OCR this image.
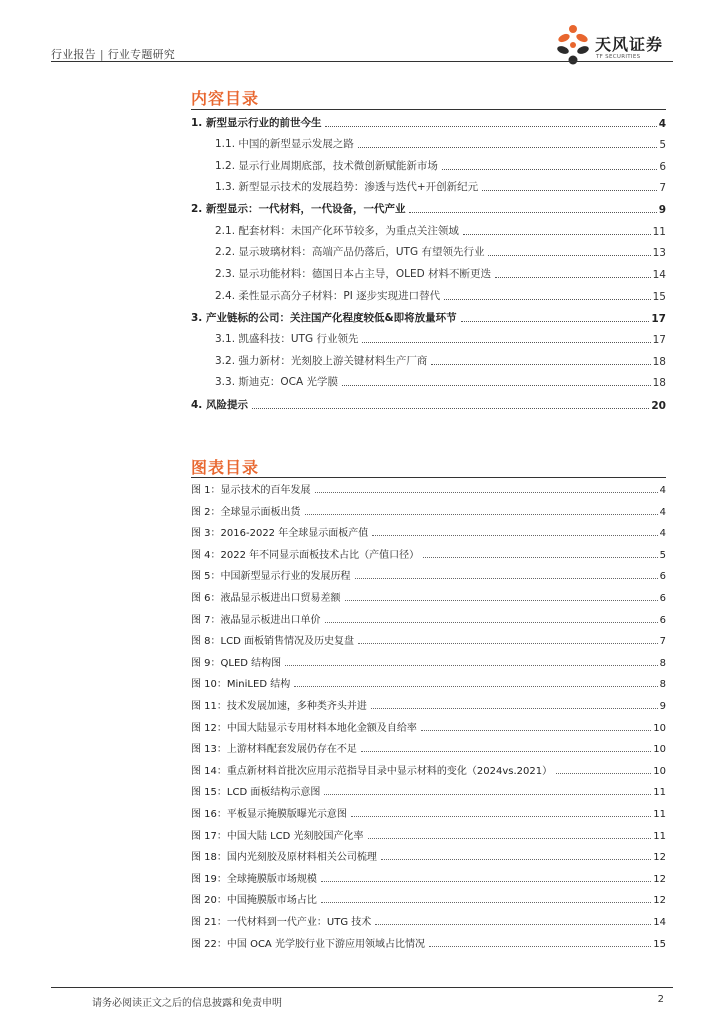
行业报告 | 行业专题研究
天风证券
TF SECURITIES
内容目录
1. 新型显示行业的前世今生	4
1.1. 中国的新型显示发展之路	5
1.2. 显示行业周期底部，技术微创新赋能新市场	6
1.3. 新型显示技术的发展趋势：渗透与迭代+开创新纪元	7
2. 新型显示：一代材料，一代设备，一代产业	9
2.1. 配套材料：未国产化环节较多，为重点关注领域	11
2.2. 显示玻璃材料：高端产品仍落后，UTG 有望领先行业	13
2.3. 显示功能材料：德国日本占主导，OLED 材料不断更迭	14
2.4. 柔性显示高分子材料：PI 逐步实现进口替代	15
3. 产业链标的公司：关注国产化程度较低&即将放量环节	17
3.1. 凯盛科技：UTG 行业领先	17
3.2. 强力新材：光刻胶上游关键材料生产厂商	18
3.3. 斯迪克：OCA 光学膜	18
4. 风险提示	20
图表目录
图 1：显示技术的百年发展	4
图 2：全球显示面板出货	4
图 3：2016-2022 年全球显示面板产值	4
图 4：2022 年不同显示面板技术占比（产值口径）	5
图 5：中国新型显示行业的发展历程	6
图 6：液晶显示板进出口贸易差额	6
图 7：液晶显示板进出口单价	6
图 8：LCD 面板销售情况及历史复盘	7
图 9：QLED 结构图	8
图 10：MiniLED 结构	8
图 11：技术发展加速，多种类齐头并进	9
图 12：中国大陆显示专用材料本地化金额及自给率	10
图 13：上游材料配套发展仍存在不足	10
图 14：重点新材料首批次应用示范指导目录中显示材料的变化（2024vs.2021）	10
图 15：LCD 面板结构示意图	11
图 16：平板显示掩膜版曝光示意图	11
图 17：中国大陆 LCD 光刻胶国产化率	11
图 18：国内光刻胶及原材料相关公司梳理	12
图 19：全球掩膜版市场规模	12
图 20：中国掩膜版市场占比	12
图 21：一代材料到一代产业：UTG 技术	14
图 22：中国 OCA 光学胶行业下游应用领域占比情况	15
请务必阅读正文之后的信息披露和免责申明	2
